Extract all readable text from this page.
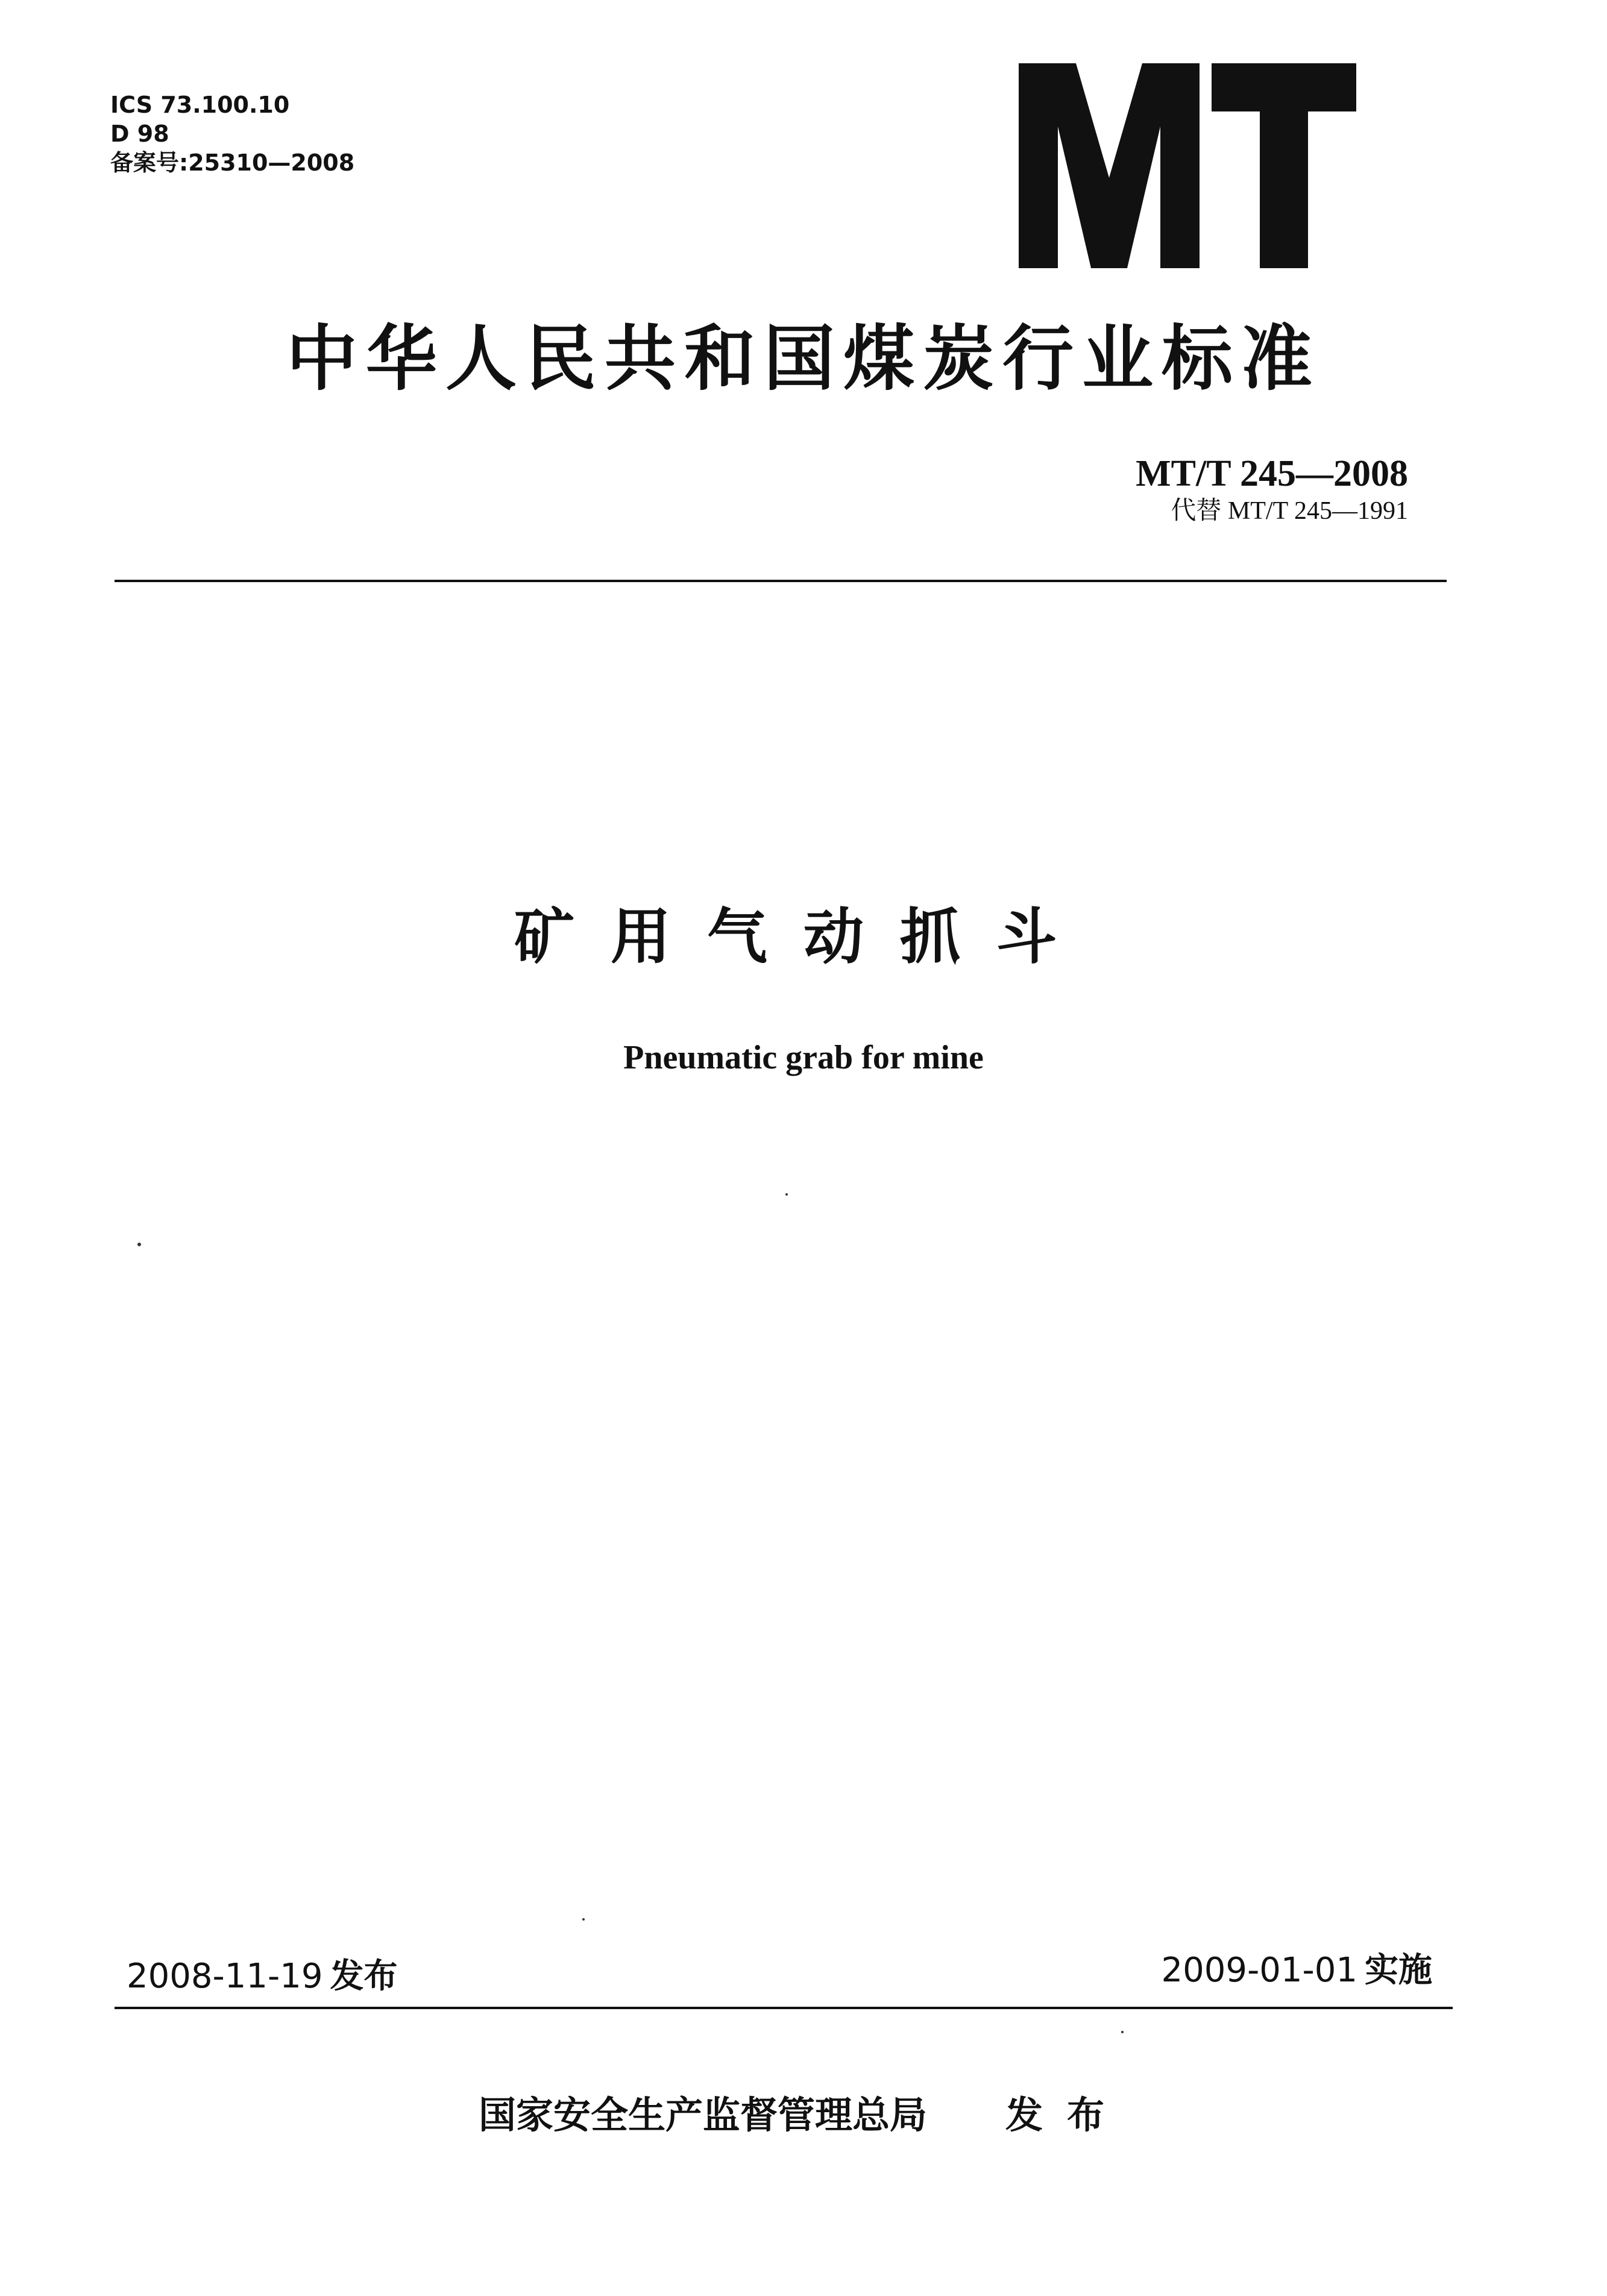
ICS 73.100.10
D 98
备案号:25310—2008
中华人民共和国煤炭行业标准
MT/T 245—2008
代替 MT/T 245—1991
矿用气动抓斗
Pneumatic grab for mine
2008-11-19 发布	2009-01-01 实施
国家安全生产监督管理总局 发布
